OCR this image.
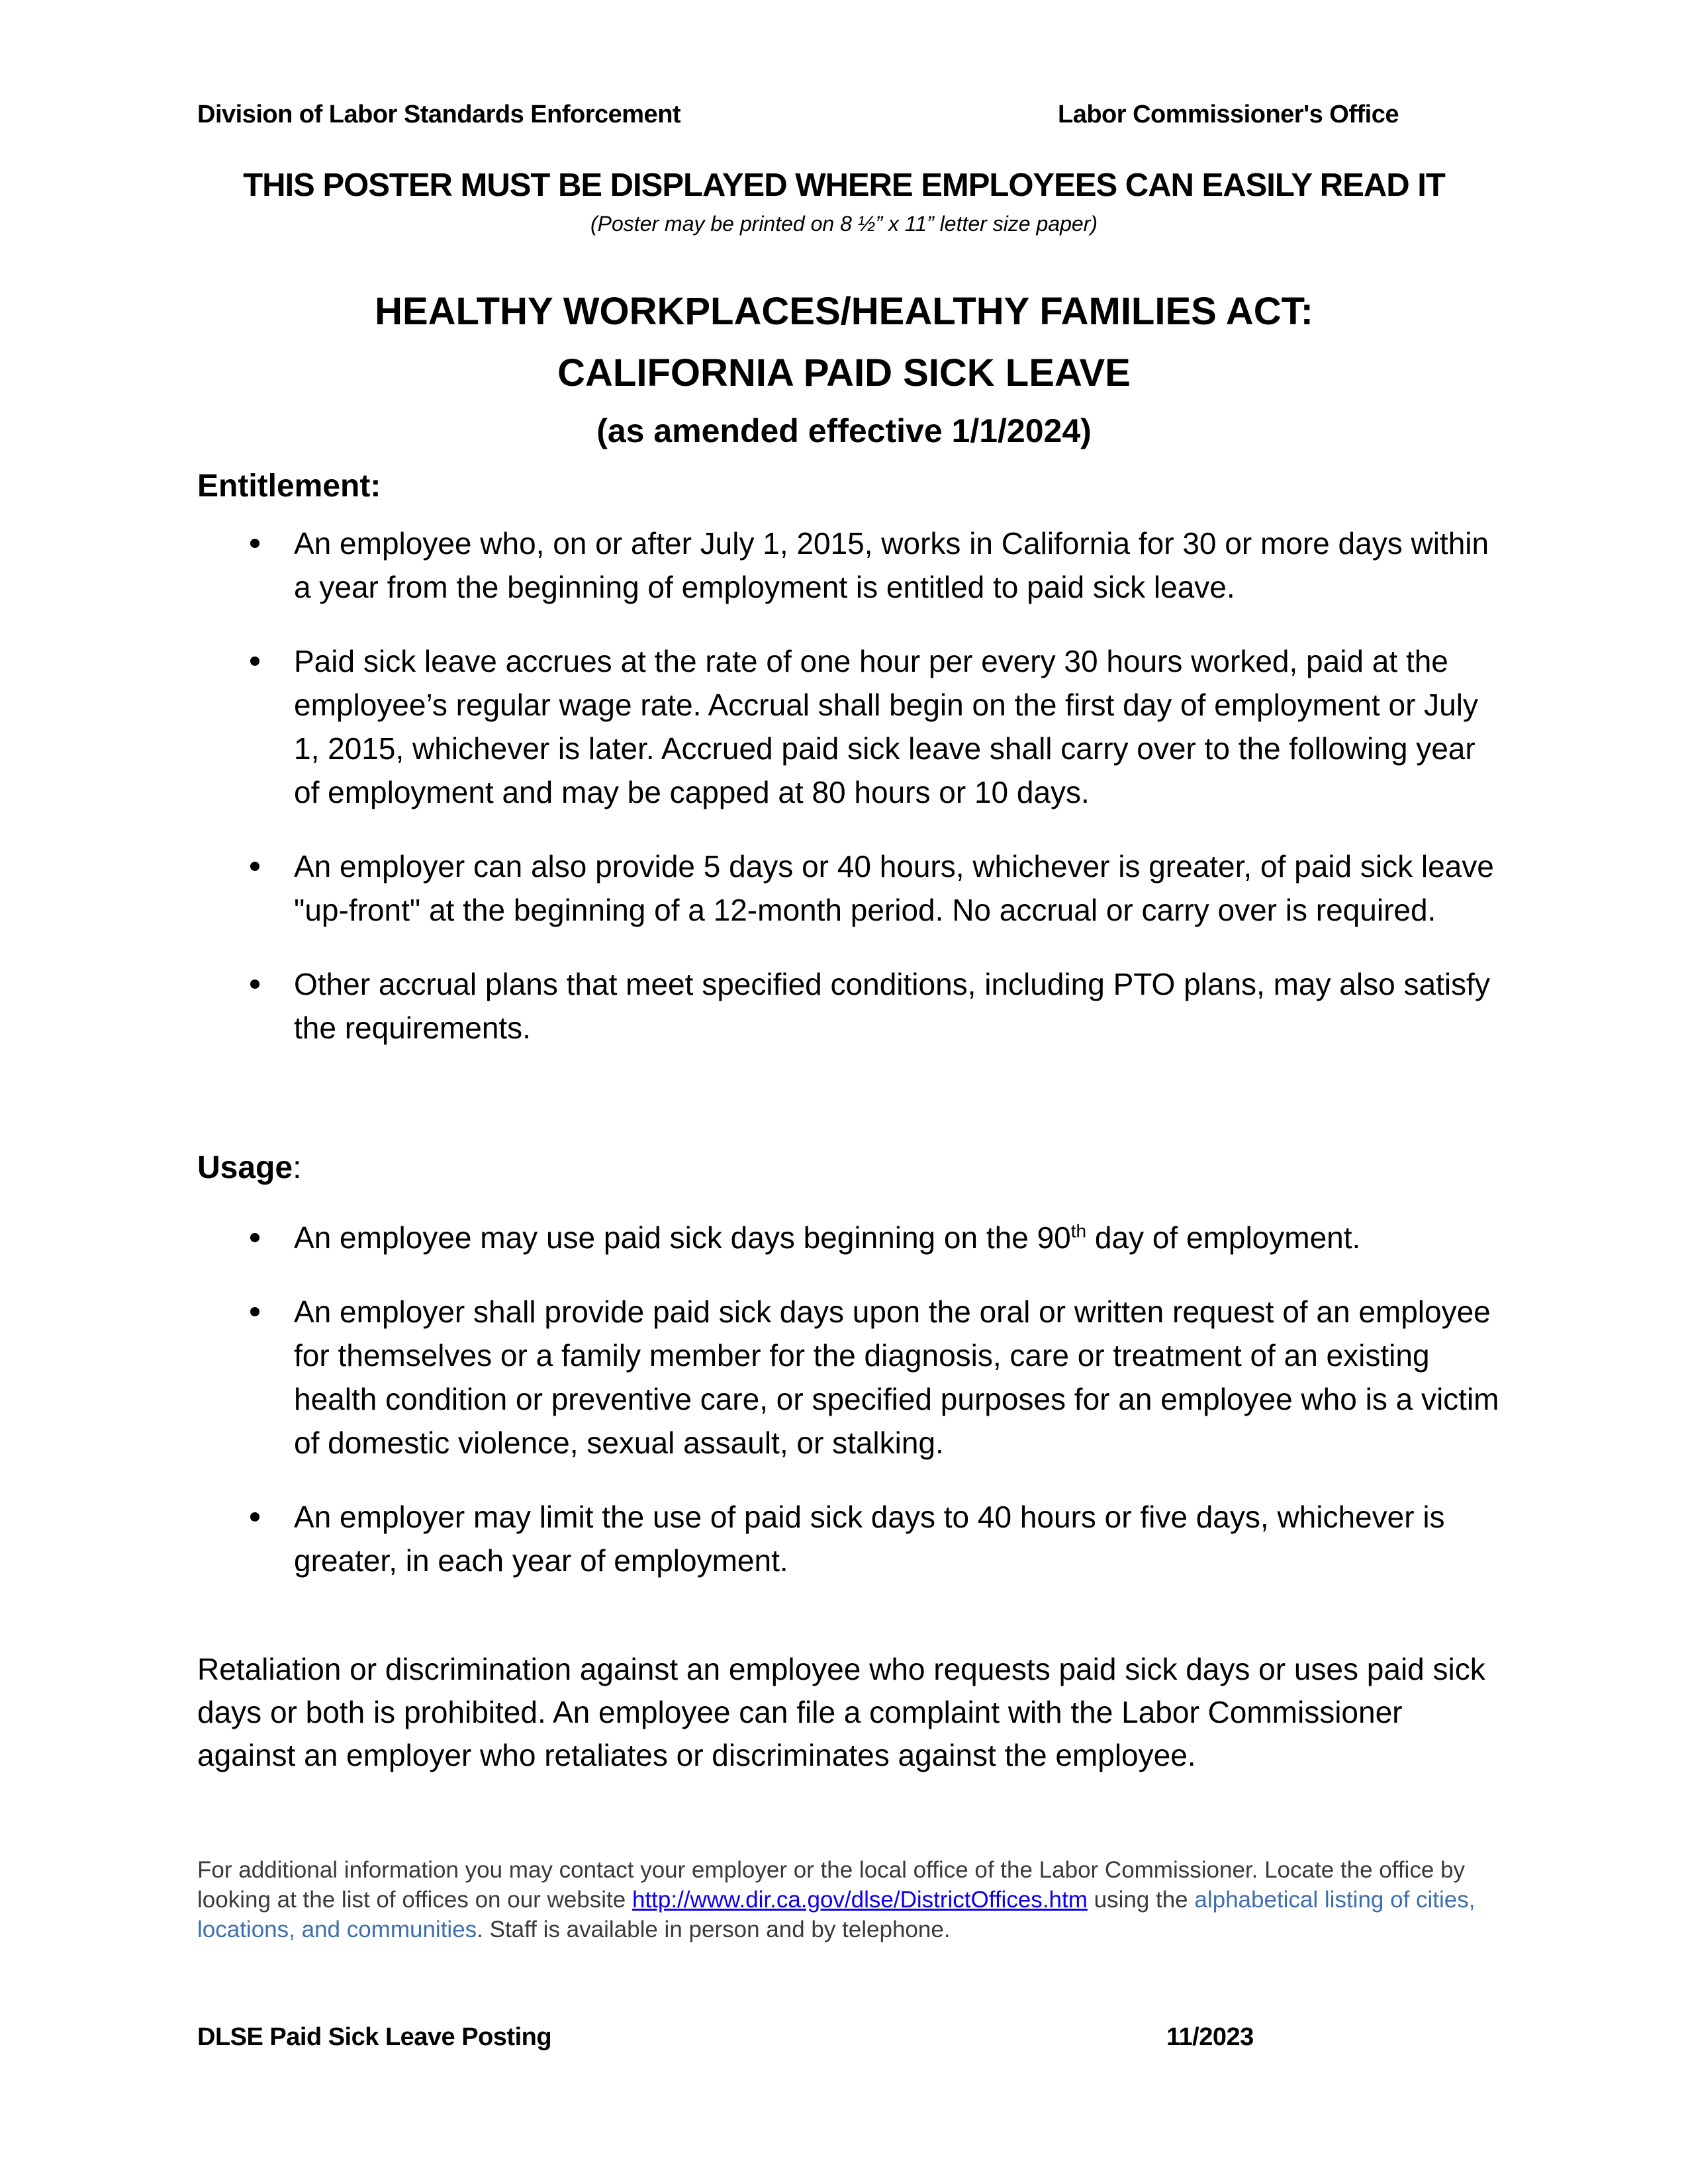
Division of Labor Standards Enforcement	Labor Commissioner's Office
THIS POSTER MUST BE DISPLAYED WHERE EMPLOYEES CAN EASILY READ IT
(Poster may be printed on 8 ½” x 11” letter size paper)
HEALTHY WORKPLACES/HEALTHY FAMILIES ACT:
CALIFORNIA PAID SICK LEAVE
(as amended effective 1/1/2024)
Entitlement:
An employee who, on or after July 1, 2015, works in California for 30 or more days within a year from the beginning of employment is entitled to paid sick leave.
Paid sick leave accrues at the rate of one hour per every 30 hours worked, paid at the employee’s regular wage rate. Accrual shall begin on the first day of employment or July 1, 2015, whichever is later. Accrued paid sick leave shall carry over to the following year of employment and may be capped at 80 hours or 10 days.
An employer can also provide 5 days or 40 hours, whichever is greater, of paid sick leave "up-front" at the beginning of a 12-month period. No accrual or carry over is required.
Other accrual plans that meet specified conditions, including PTO plans, may also satisfy the requirements.
Usage:
An employee may use paid sick days beginning on the 90th day of employment.
An employer shall provide paid sick days upon the oral or written request of an employee for themselves or a family member for the diagnosis, care or treatment of an existing health condition or preventive care, or specified purposes for an employee who is a victim of domestic violence, sexual assault, or stalking.
An employer may limit the use of paid sick days to 40 hours or five days, whichever is greater, in each year of employment.
Retaliation or discrimination against an employee who requests paid sick days or uses paid sick days or both is prohibited. An employee can file a complaint with the Labor Commissioner against an employer who retaliates or discriminates against the employee.
For additional information you may contact your employer or the local office of the Labor Commissioner. Locate the office by looking at the list of offices on our website http://www.dir.ca.gov/dlse/DistrictOffices.htm using the alphabetical listing of cities, locations, and communities. Staff is available in person and by telephone.
DLSE Paid Sick Leave Posting	11/2023
